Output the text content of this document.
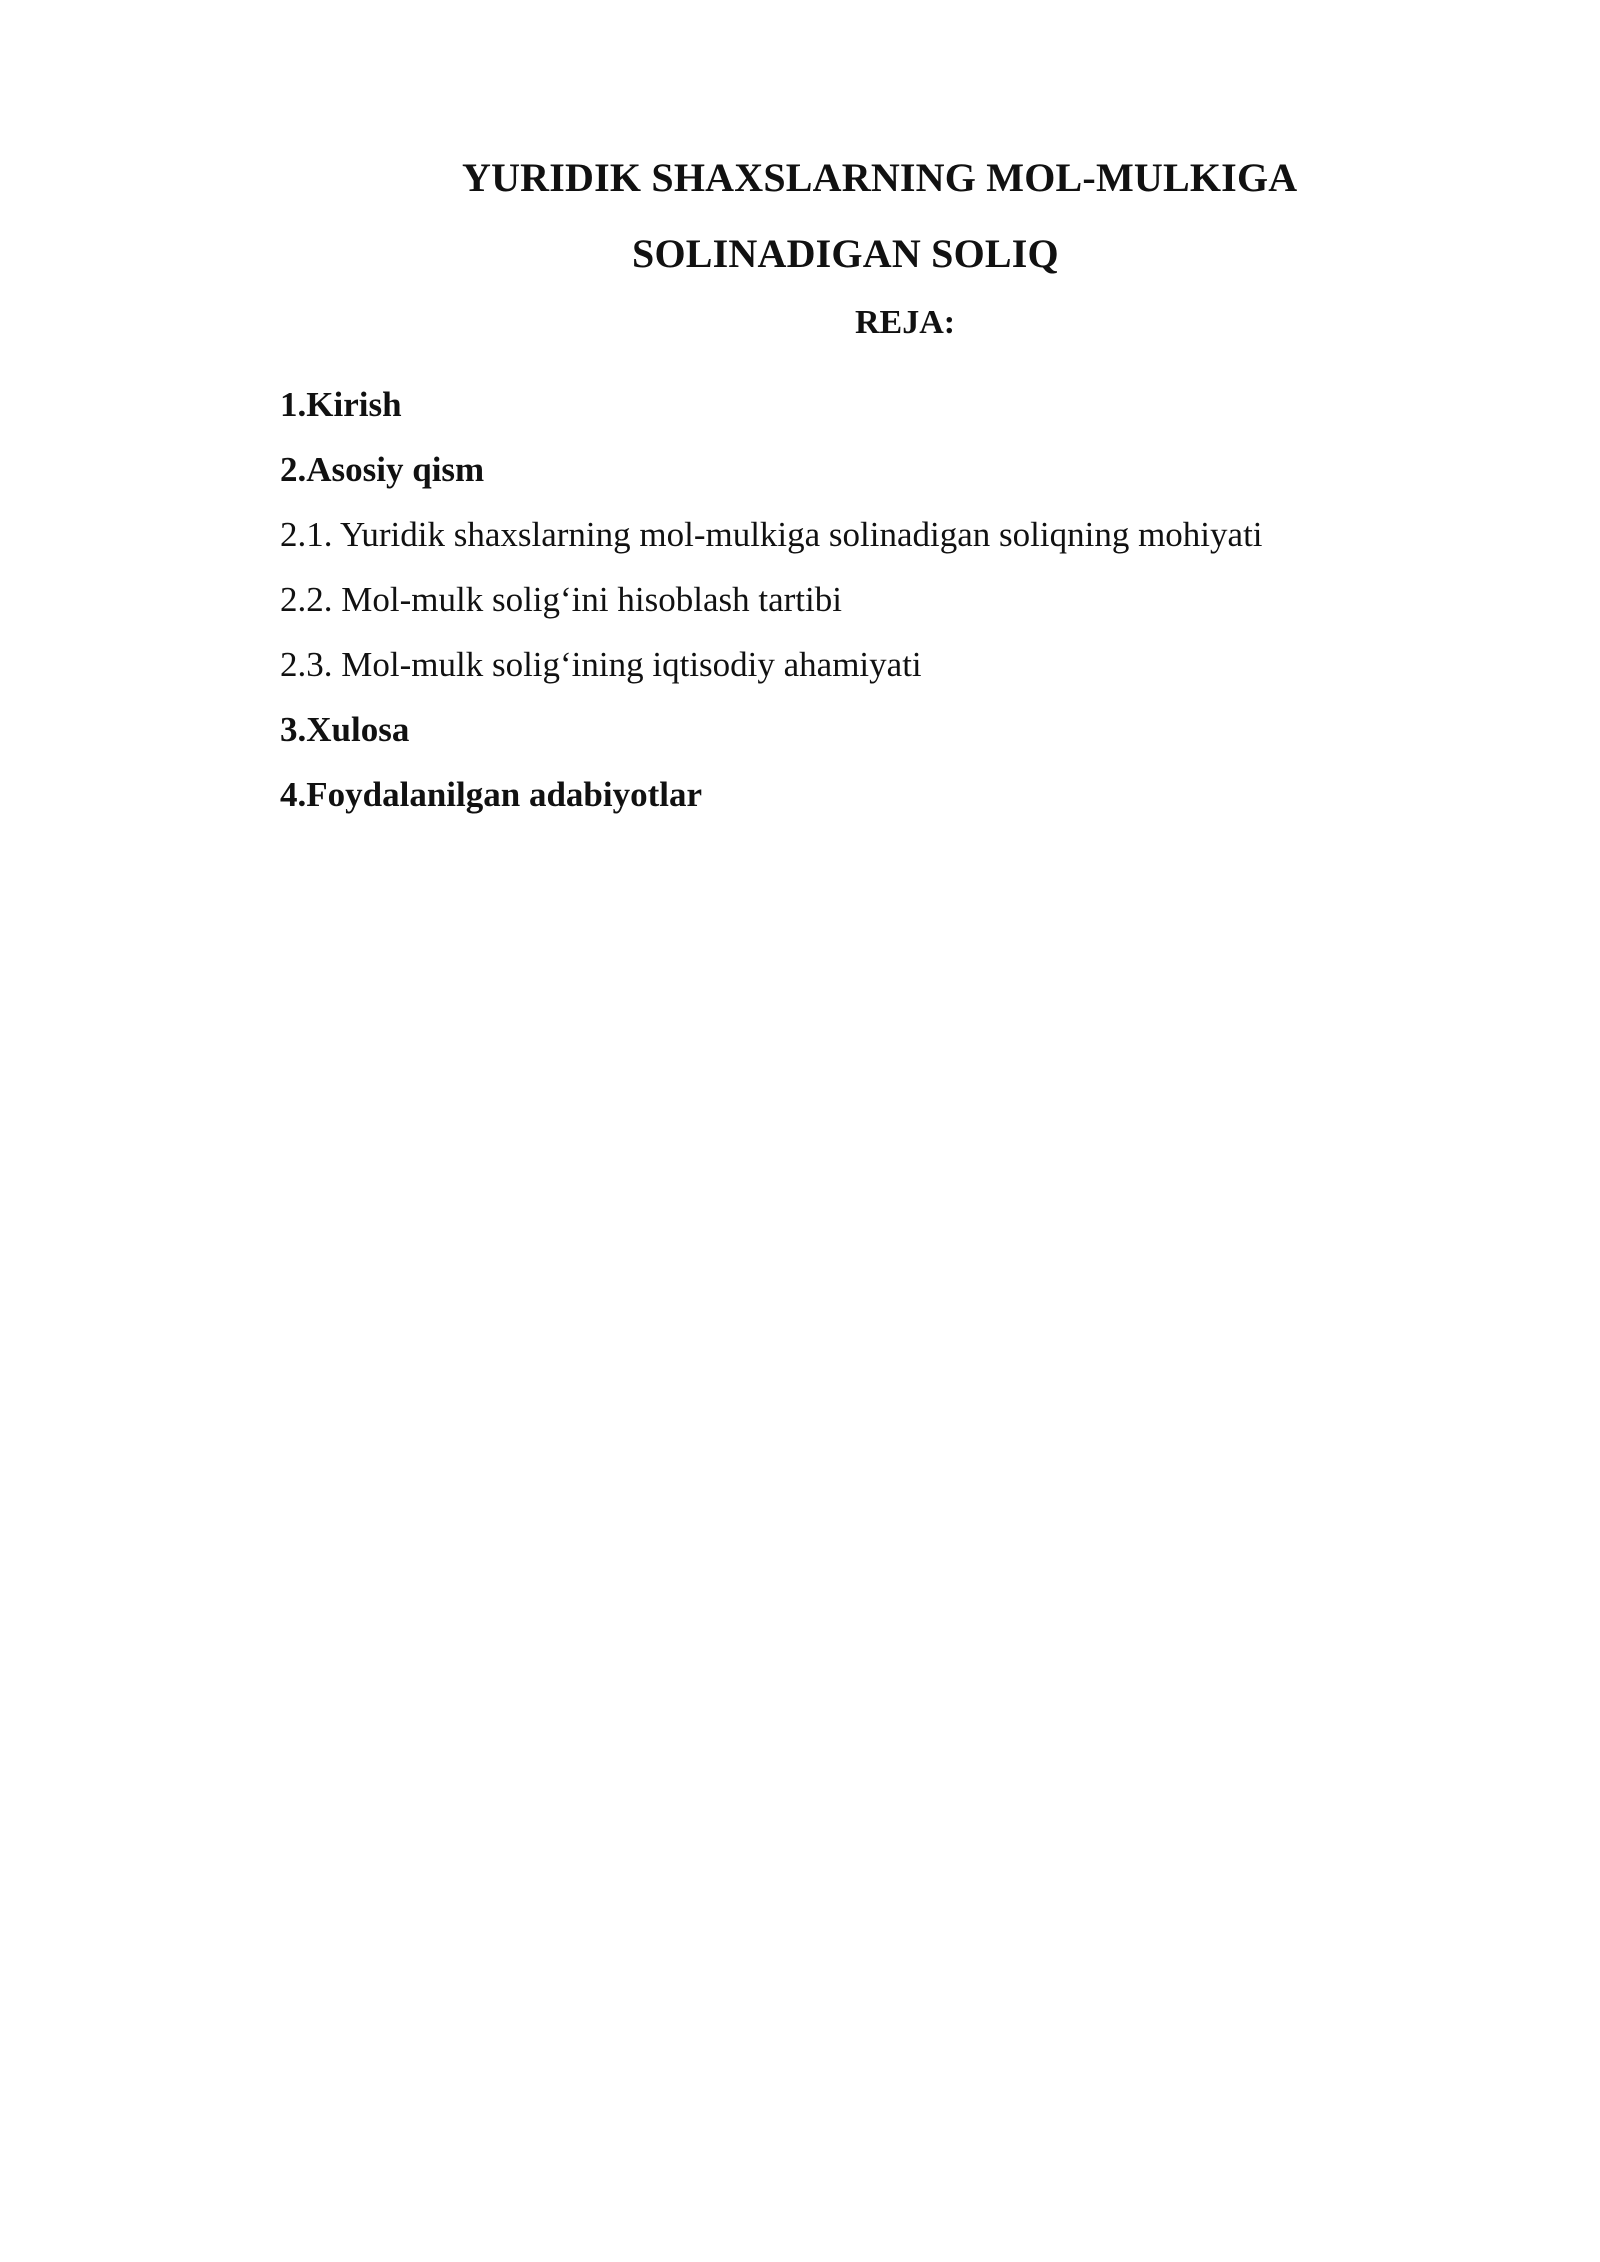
YURIDIK SHAXSLARNING MOL-MULKIGA
SOLINADIGAN SOLIQ
REJA:
1.Kirish
2.Asosiy qism
2.1. Yuridik shaxslarning mol-mulkiga solinadigan soliqning mohiyati
2.2. Mol-mulk solig‘ini hisoblash tartibi
2.3. Mol-mulk solig‘ining iqtisodiy ahamiyati
3.Xulosa
4.Foydalanilgan adabiyotlar
